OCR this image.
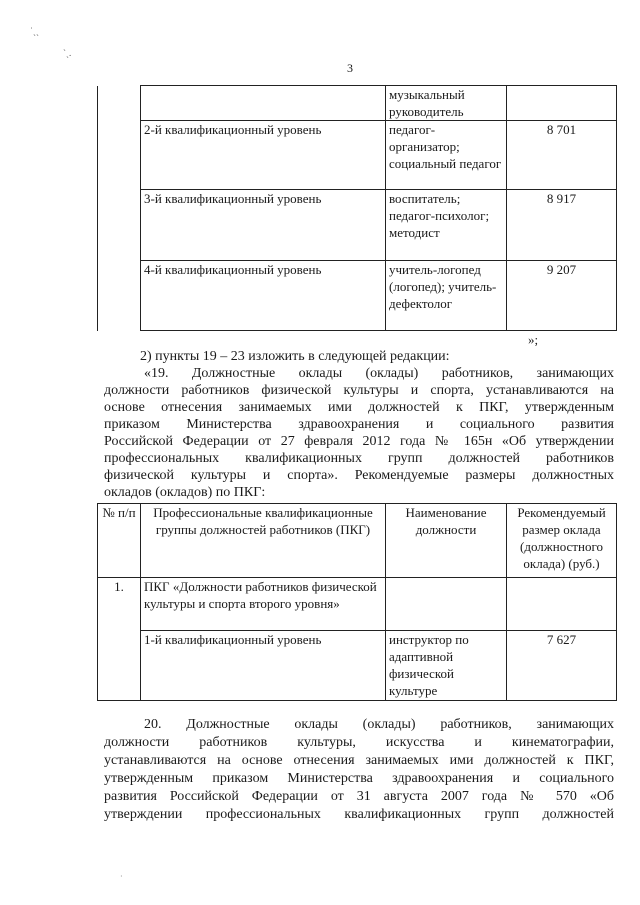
˙ˎˏ
ˋˏ.
3
		музыкальный руководитель	
	2-й квалификационный уровень	педагог-организатор; социальный педагог	8 701
	3-й квалификационный уровень	воспитатель; педагог-психолог; методист	8 917
	4-й квалификационный уровень	учитель-логопед (логопед); учитель-дефектолог	9 207
»;
2) пункты 19 – 23 изложить в следующей редакции:
«19. Должностные оклады (оклады) работников, занимающих
должности работников физической культуры и спорта, устанавливаются на
основе отнесения занимаемых ими должностей к ПКГ, утвержденным
приказом Министерства здравоохранения и социального развития
Российской Федерации от 27 февраля 2012 года № 165н «Об утверждении
профессиональных квалификационных групп должностей работников
физической культуры и спорта». Рекомендуемые размеры должностных
окладов (окладов) по ПКГ:
№ п/п	Профессиональные квалификационные группы должностей работников (ПКГ)	Наименование должности	Рекомендуемый размер оклада (должностного оклада) (руб.)
1.	ПКГ «Должности работников физической культуры и спорта второго уровня»		
	1-й квалификационный уровень	инструктор по адаптивной физической культуре	7 627
20. Должностные оклады (оклады) работников, занимающих
должности работников культуры, искусства и кинематографии,
устанавливаются на основе отнесения занимаемых ими должностей к ПКГ,
утвержденным приказом Министерства здравоохранения и социального
развития Российской Федерации от 31 августа 2007 года № 570 «Об
утверждении профессиональных квалификационных групп должностей
·
